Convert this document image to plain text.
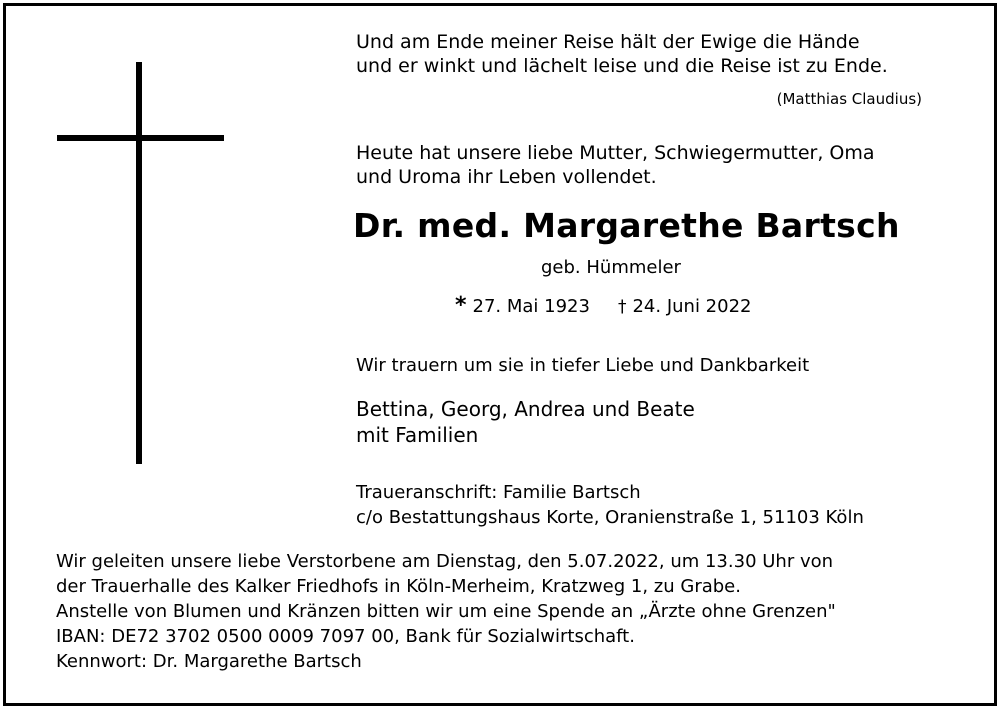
Und am Ende meiner Reise hält der Ewige die Hände
und er winkt und lächelt leise und die Reise ist zu Ende.
(Matthias Claudius)
Heute hat unsere liebe Mutter, Schwiegermutter, Oma
und Uroma ihr Leben vollendet.
Dr. med. Margarethe Bartsch
geb. Hümmeler
* 27. Mai 1923 † 24. Juni 2022
Wir trauern um sie in tiefer Liebe und Dankbarkeit
Bettina, Georg, Andrea und Beate
mit Familien
Traueranschrift: Familie Bartsch
c/o Bestattungshaus Korte, Oranienstraße 1, 51103 Köln
Wir geleiten unsere liebe Verstorbene am Dienstag, den 5.07.2022, um 13.30 Uhr von
der Trauerhalle des Kalker Friedhofs in Köln-Merheim, Kratzweg 1, zu Grabe.
Anstelle von Blumen und Kränzen bitten wir um eine Spende an „Ärzte ohne Grenzen"
IBAN: DE72 3702 0500 0009 7097 00, Bank für Sozialwirtschaft.
Kennwort: Dr. Margarethe Bartsch
